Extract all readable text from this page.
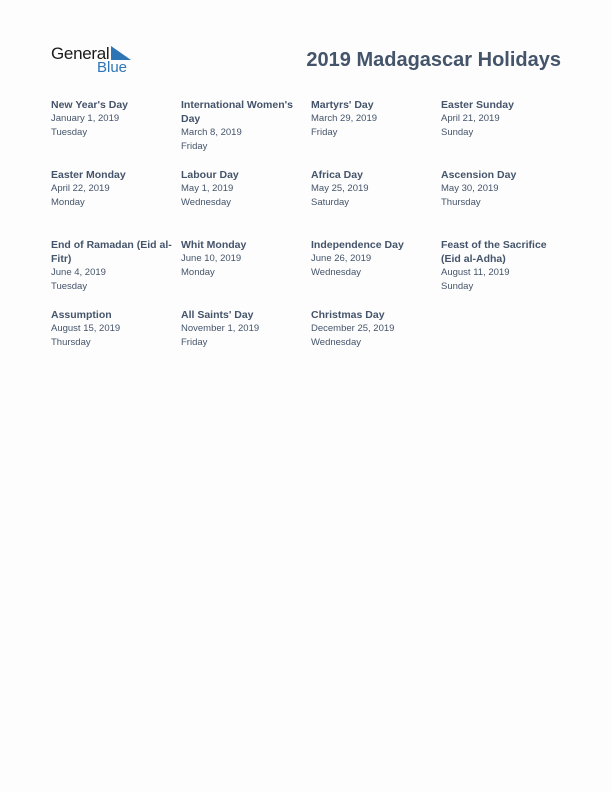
General
Blue	2019 Madagascar Holidays
New Year's Day
January 1, 2019
Tuesday
International Women's Day
March 8, 2019
Friday
Martyrs' Day
March 29, 2019
Friday
Easter Sunday
April 21, 2019
Sunday
Easter Monday
April 22, 2019
Monday
Labour Day
May 1, 2019
Wednesday
Africa Day
May 25, 2019
Saturday
Ascension Day
May 30, 2019
Thursday
End of Ramadan (Eid al-Fitr)
June 4, 2019
Tuesday
Whit Monday
June 10, 2019
Monday
Independence Day
June 26, 2019
Wednesday
Feast of the Sacrifice (Eid al-Adha)
August 11, 2019
Sunday
Assumption
August 15, 2019
Thursday
All Saints' Day
November 1, 2019
Friday
Christmas Day
December 25, 2019
Wednesday
